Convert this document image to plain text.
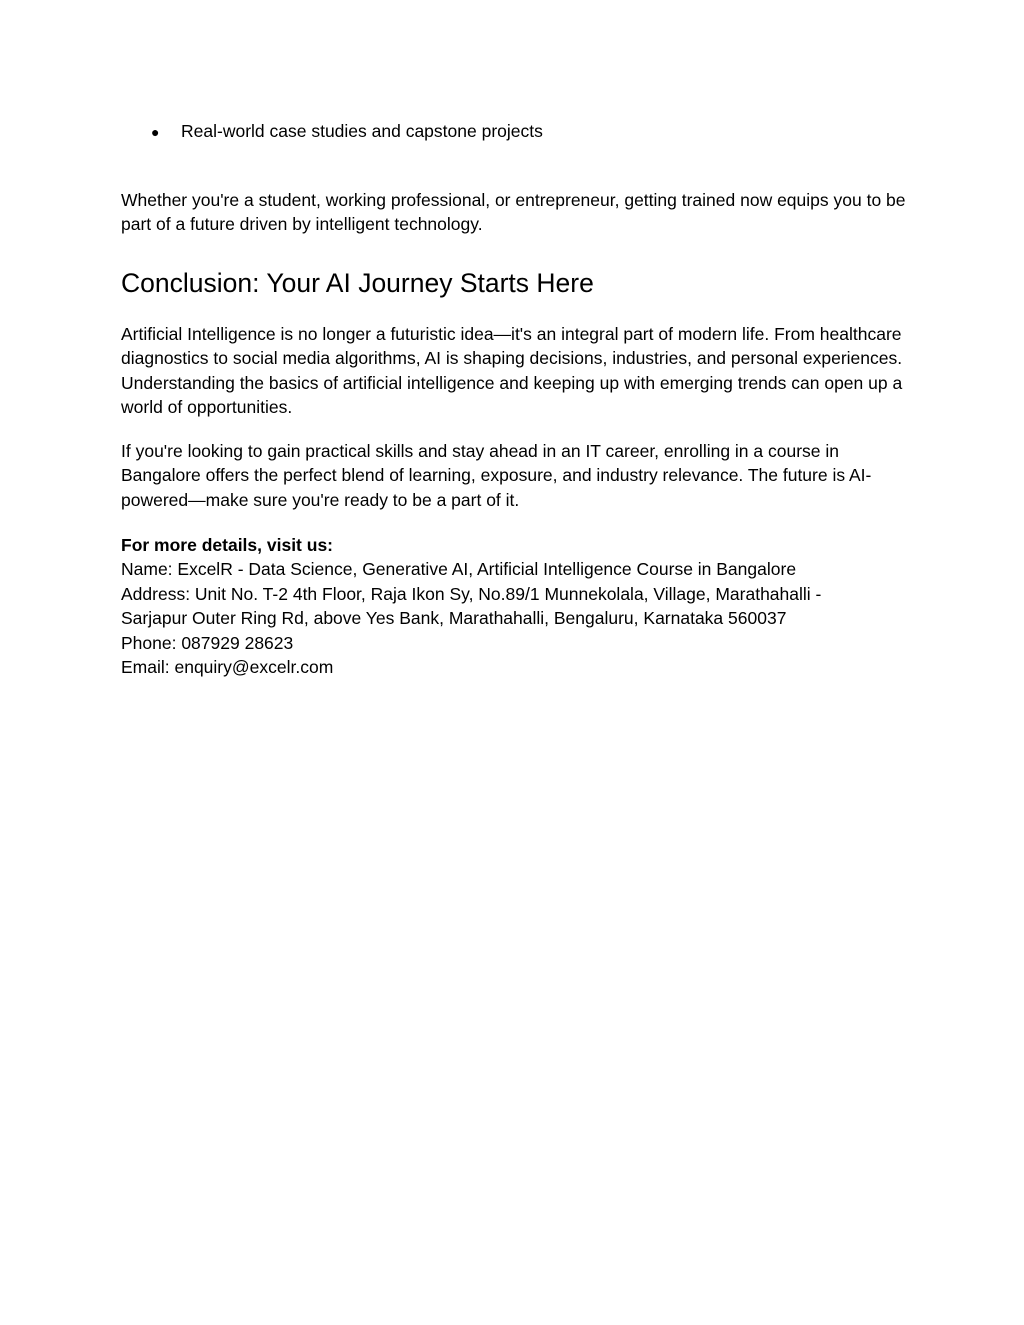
●	Real-world case studies and capstone projects

Whether you're a student, working professional, or entrepreneur, getting trained now equips you to be part of a future driven by intelligent technology.

Conclusion: Your AI Journey Starts Here

Artificial Intelligence is no longer a futuristic idea—it's an integral part of modern life. From healthcare diagnostics to social media algorithms, AI is shaping decisions, industries, and personal experiences. Understanding the basics of artificial intelligence and keeping up with emerging trends can open up a world of opportunities.

If you're looking to gain practical skills and stay ahead in an IT career, enrolling in a course in Bangalore offers the perfect blend of learning, exposure, and industry relevance. The future is AI-powered—make sure you're ready to be a part of it.

For more details, visit us:
Name: ExcelR - Data Science, Generative AI, Artificial Intelligence Course in Bangalore
Address: Unit No. T-2 4th Floor, Raja Ikon Sy, No.89/1 Munnekolala, Village, Marathahalli -
Sarjapur Outer Ring Rd, above Yes Bank, Marathahalli, Bengaluru, Karnataka 560037
Phone: 087929 28623
Email: enquiry@excelr.com
